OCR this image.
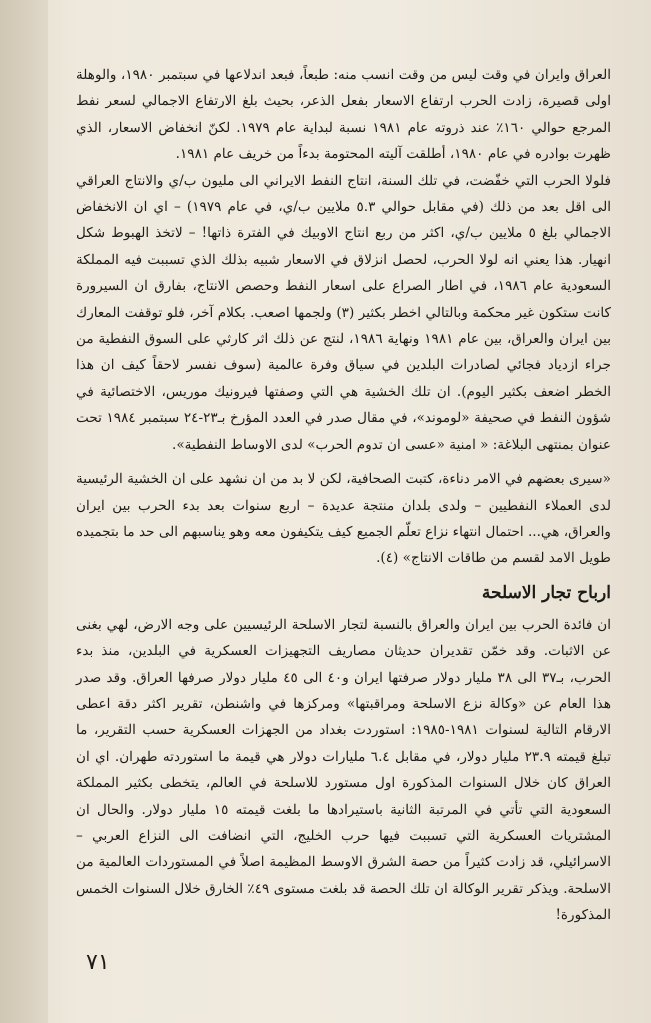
العراق وايران في وقت ليس من وقت انسب منه: طبعاً، فبعد اندلاعها في سبتمبر ١٩٨٠، والوهلة اولى قصيرة، زادت الحرب ارتفاع الاسعار بفعل الذعر، بحيث بلغ الارتفاع الاجمالي لسعر نفط المرجع حوالي ١٦٠٪ عند ذروته عام ١٩٨١ نسبة لبداية عام ١٩٧٩. لكنّ انخفاض الاسعار، الذي ظهرت بوادره في عام ١٩٨٠، أطلقت آليته المحتومة بدءاً من خريف عام ١٩٨١.

فلولا الحرب التي خفّضت، في تلك السنة، انتاج النفط الايراني الى مليون ب/ي والانتاج العراقي الى اقل بعد من ذلك (في مقابل حوالي ٥.٣ ملايين ب/ي، في عام ١٩٧٩) – اي ان الانخفاض الاجمالي بلغ ٥ ملايين ب/ي، اكثر من ربع انتاج الاوبيك في الفترة ذاتها! – لاتخذ الهبوط شكل انهيار. هذا يعني انه لولا الحرب، لحصل انزلاق في الاسعار شبيه بذلك الذي تسببت فيه المملكة السعودية عام ١٩٨٦، في اطار الصراع على اسعار النفط وحصص الانتاج، بفارق ان السيرورة كانت ستكون غير محكمة وبالتالي اخطر بكثير (٣) ولجمها اصعب. بكلام آخر، فلو توقفت المعارك بين ايران والعراق، بين عام ١٩٨١ ونهاية ١٩٨٦، لنتج عن ذلك اثر كارثي على السوق النفطية من جراء ازدياد فجائي لصادرات البلدين في سياق وفرة عالمية (سوف نفسر لاحقاً كيف ان هذا الخطر اضعف بكثير اليوم). ان تلك الخشية هي التي وصفتها فيرونيك موريس، الاختصائية في شؤون النفط في صحيفة «لوموند»، في مقال صدر في العدد المؤرخ بـ٢٣-٢٤ سبتمبر ١٩٨٤ تحت عنوان بمنتهى البلاغة: « امنية «عسى ان تدوم الحرب» لدى الاوساط النفطية».

«سيرى بعضهم في الامر دناءة، كتبت الصحافية، لكن لا بد من ان نشهد على ان الخشية الرئيسية لدى العملاء النفطيين – ولدى بلدان منتجة عديدة – اربع سنوات بعد بدء الحرب بين ايران والعراق، هي... احتمال انتهاء نزاع تعلّم الجميع كيف يتكيفون معه وهو يناسبهم الى حد ما بتجميده طويل الامد لقسم من طاقات الانتاج» (٤).

ارباح تجار الاسلحة

ان فائدة الحرب بين ايران والعراق بالنسبة لتجار الاسلحة الرئيسيين على وجه الارض، لهي بغنى عن الاثبات. وقد خمّن تقديران حديثان مصاريف التجهيزات العسكرية في البلدين، منذ بدء الحرب، بـ٣٧ الى ٣٨ مليار دولار صرفتها ايران و٤٠ الى ٤٥ مليار دولار صرفها العراق. وقد صدر هذا العام عن «وكالة نزع الاسلحة ومراقبتها» ومركزها في واشنطن، تقرير اكثر دقة اعطى الارقام التالية لسنوات ١٩٨١-١٩٨٥: استوردت بغداد من الجهزات العسكرية حسب التقرير، ما تبلغ قيمته ٢٣.٩ مليار دولار، في مقابل ٦.٤ مليارات دولار هي قيمة ما استوردته طهران. اي ان العراق كان خلال السنوات المذكورة اول مستورد للاسلحة في العالم، يتخطى بكثير المملكة السعودية التي تأتي في المرتبة الثانية باستيرادها ما بلغت قيمته ١٥ مليار دولار. والحال ان المشتريات العسكرية التي تسببت فيها حرب الخليج، التي انضافت الى النزاع العربي – الاسرائيلي، قد زادت كثيراً من حصة الشرق الاوسط المظيمة اصلاً في المستوردات العالمية من الاسلحة. ويذكر تقرير الوكالة ان تلك الحصة قد بلغت مستوى ٤٩٪ الخارق خلال السنوات الخمس المذكورة!

٧١
